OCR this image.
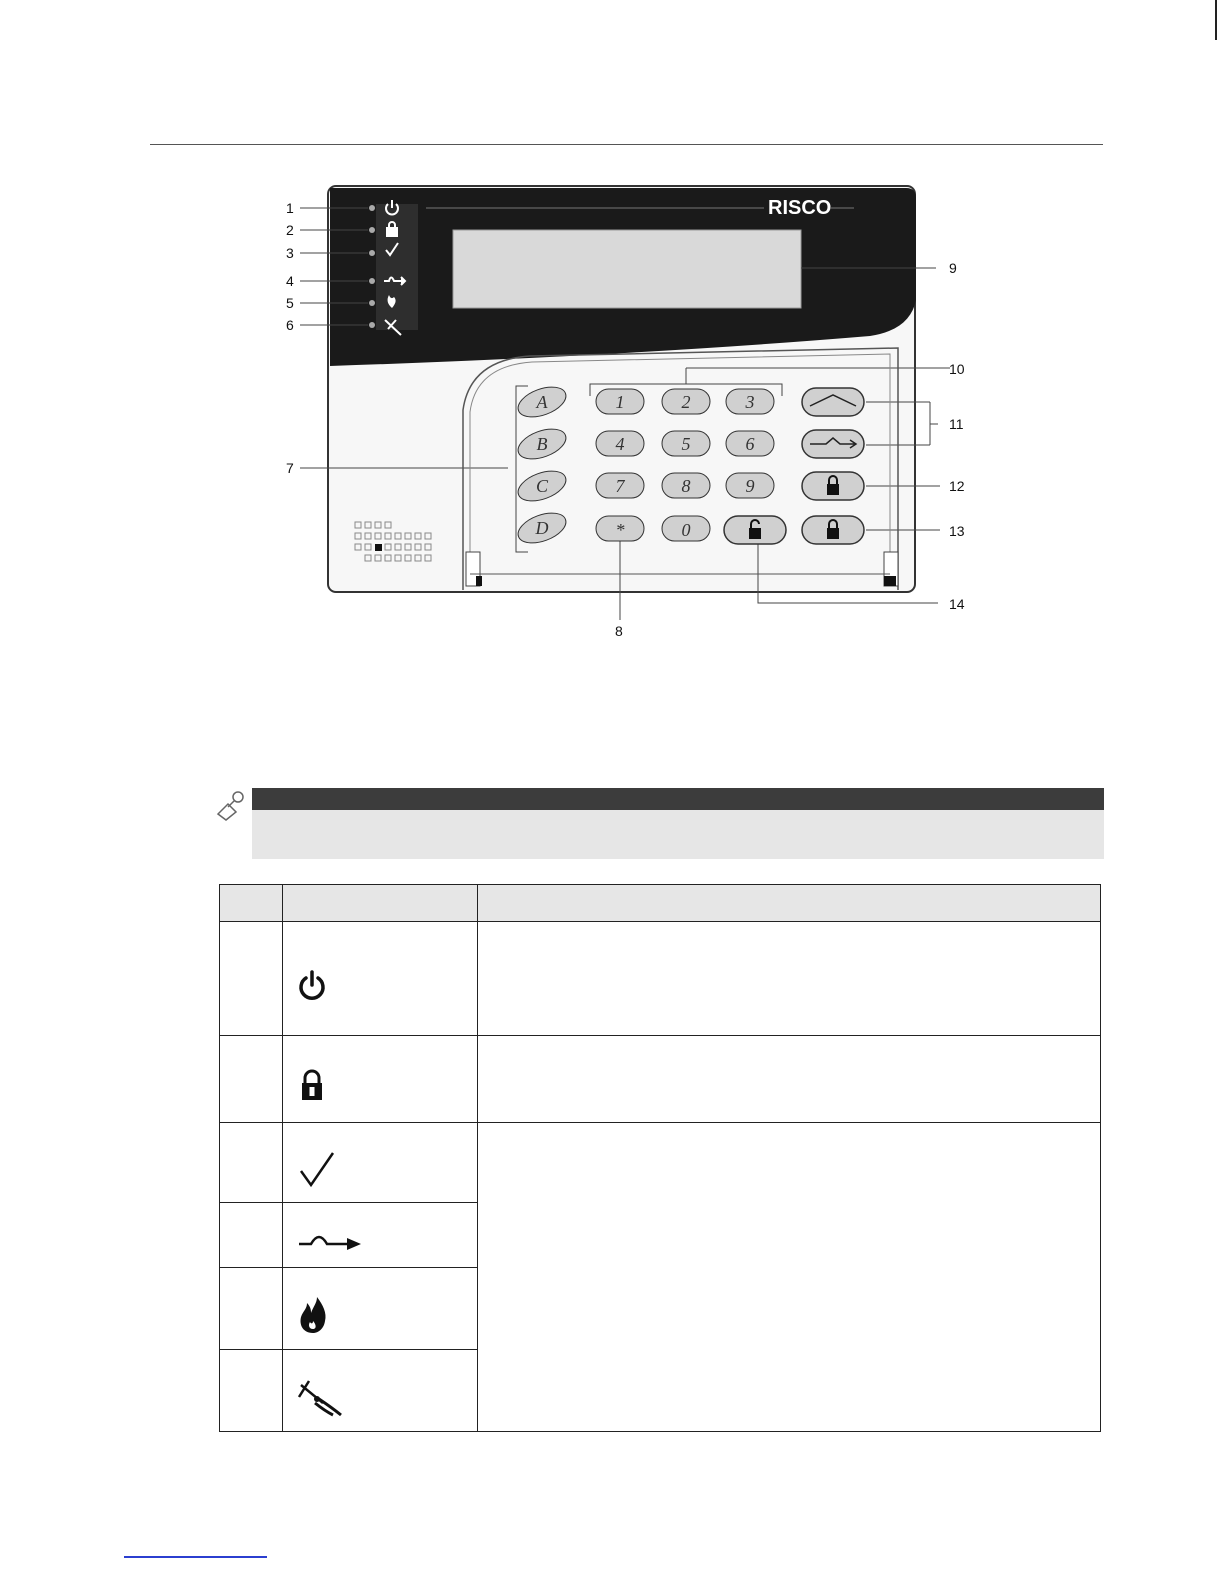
RISCO
1
2
3
4
5
6
7
8
9
10
11
12
13
14
A
B
C
D
1	2	3
4	5	6
7	8	9
*	0
